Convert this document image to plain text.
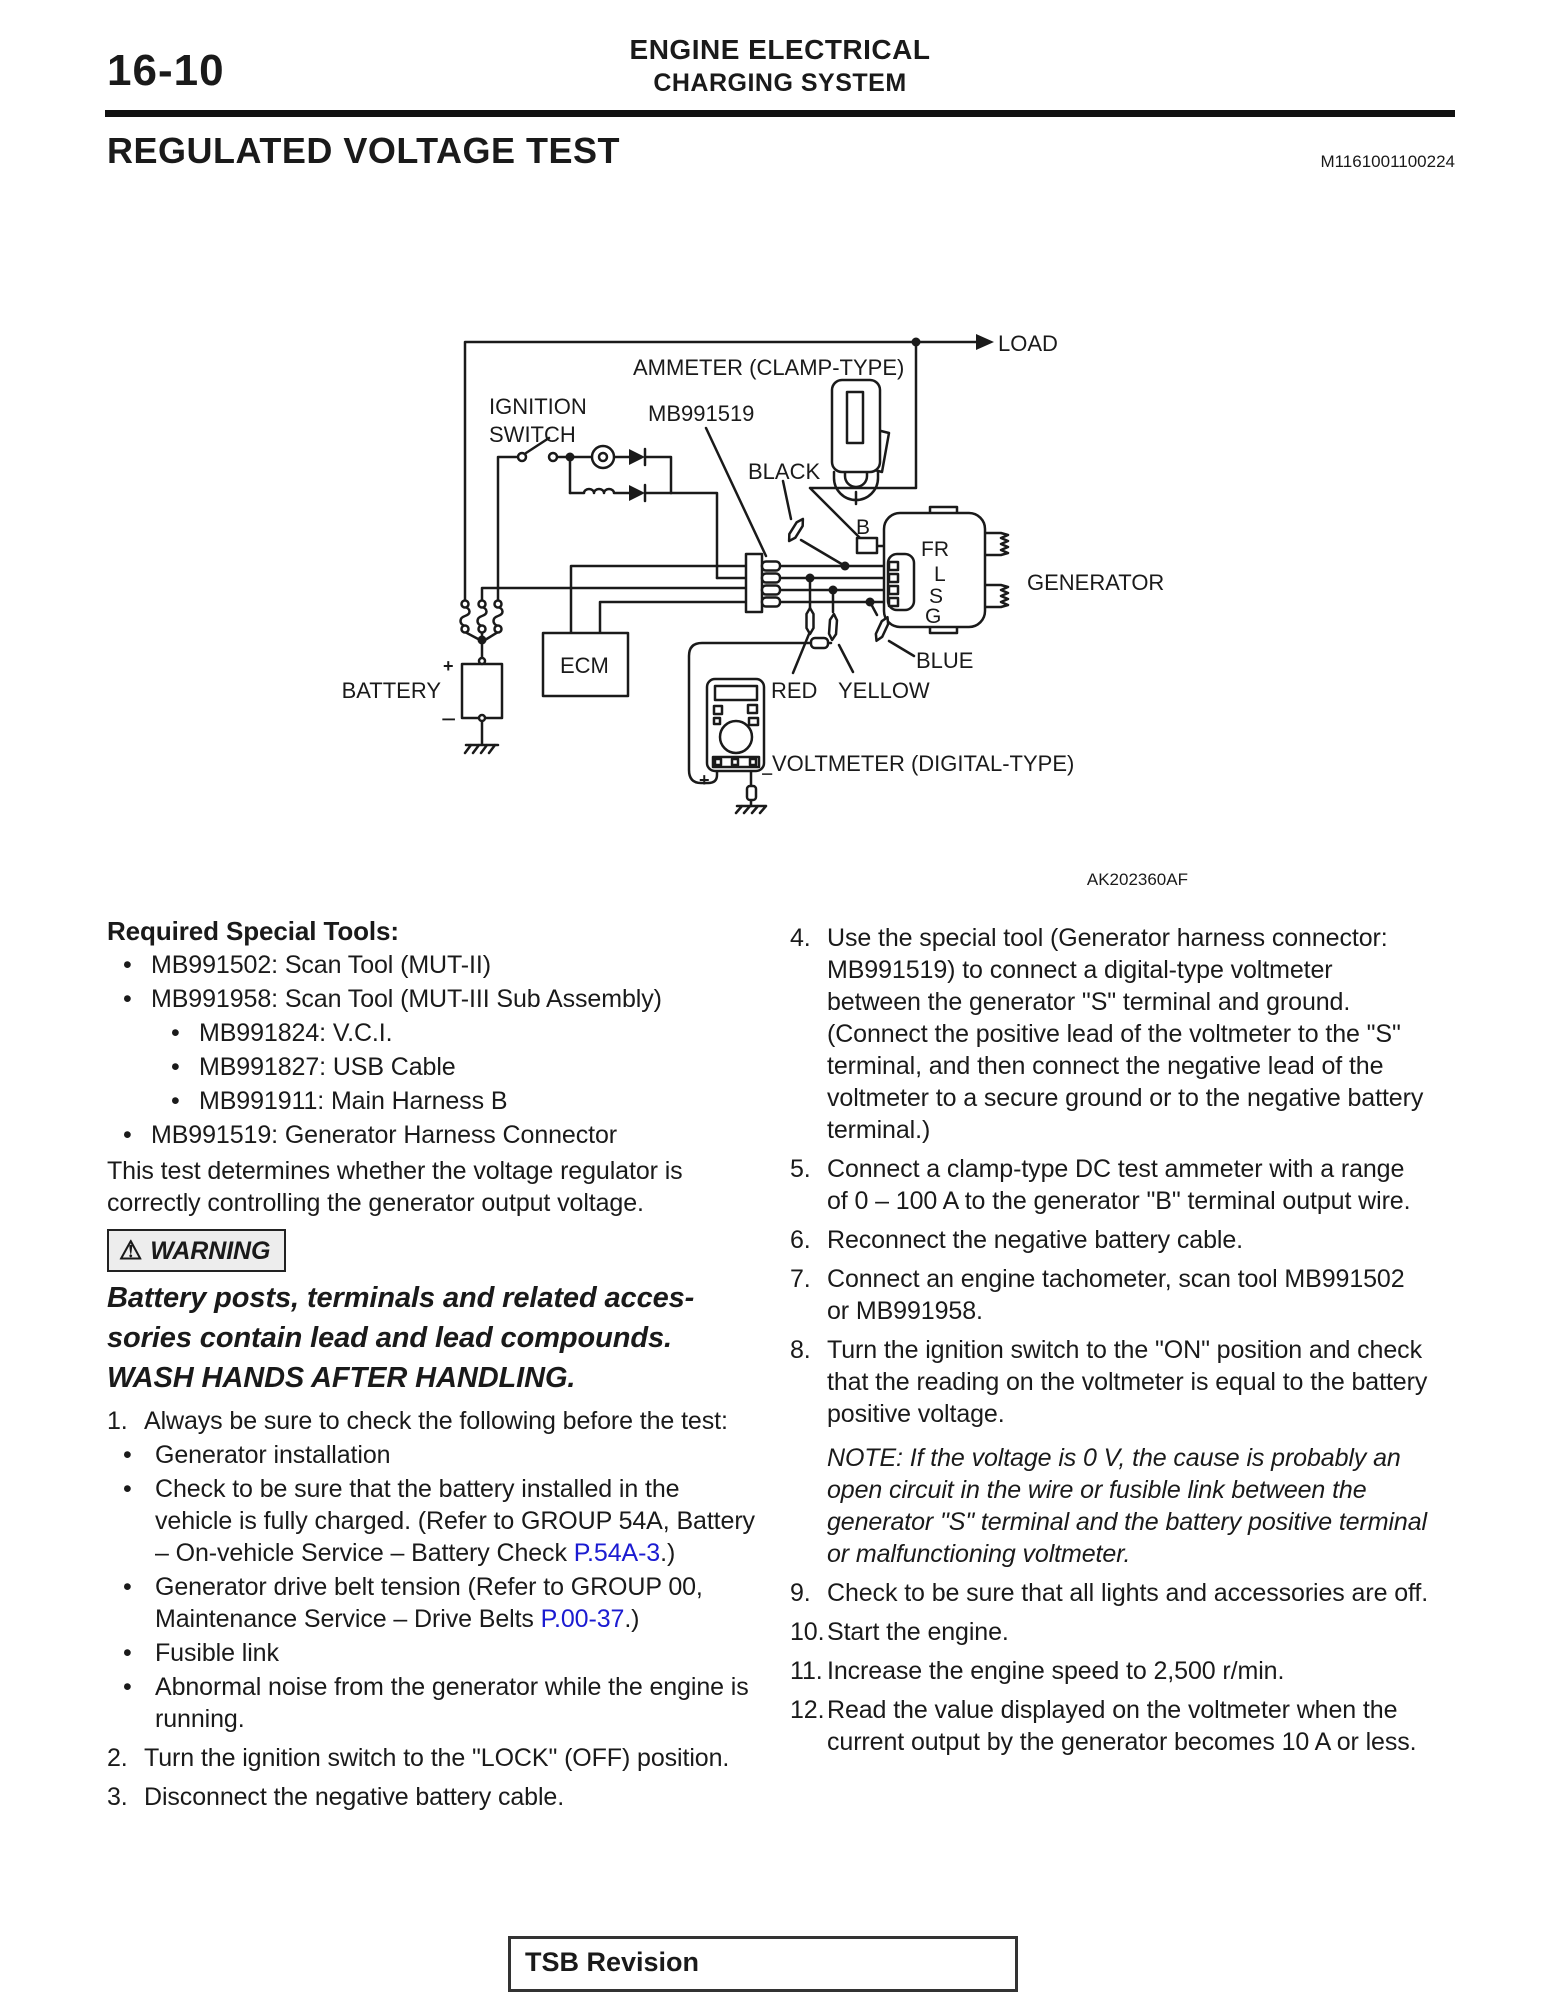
16-10	ENGINE ELECTRICAL
CHARGING SYSTEM
REGULATED VOLTAGE TEST	M1161001100224
LOAD
AMMETER (CLAMP-TYPE)
IGNITION
SWITCH
MB991519
BLACK
B
FR
L
S
G
GENERATOR
BLUE
RED YELLOW
ECM
BATTERY
VOLTMETER (DIGITAL-TYPE)
+
−
+ −
AK202360AF
Required Special Tools:
• MB991502: Scan Tool (MUT-II)
• MB991958: Scan Tool (MUT-III Sub Assembly)
• MB991824: V.C.I.
• MB991827: USB Cable
• MB991911: Main Harness B
• MB991519: Generator Harness Connector
This test determines whether the voltage regulator is correctly controlling the generator output voltage.
⚠ WARNING
Battery posts, terminals and related acces-
sories contain lead and lead compounds.
WASH HANDS AFTER HANDLING.
1. Always be sure to check the following before the test:
• Generator installation
• Check to be sure that the battery installed in the vehicle is fully charged. (Refer to GROUP 54A, Battery – On-vehicle Service – Battery Check P.54A-3.)
• Generator drive belt tension (Refer to GROUP 00, Maintenance Service – Drive Belts P.00-37.)
• Fusible link
• Abnormal noise from the generator while the engine is running.
2. Turn the ignition switch to the "LOCK" (OFF) position.
3. Disconnect the negative battery cable.
4. Use the special tool (Generator harness connector: MB991519) to connect a digital-type voltmeter between the generator "S" terminal and ground. (Connect the positive lead of the voltmeter to the "S" terminal, and then connect the negative lead of the voltmeter to a secure ground or to the negative battery terminal.)
5. Connect a clamp-type DC test ammeter with a range of 0 – 100 A to the generator "B" terminal output wire.
6. Reconnect the negative battery cable.
7. Connect an engine tachometer, scan tool MB991502 or MB991958.
8. Turn the ignition switch to the "ON" position and check that the reading on the voltmeter is equal to the battery positive voltage.
NOTE: If the voltage is 0 V, the cause is probably an open circuit in the wire or fusible link between the generator "S" terminal and the battery positive terminal or malfunctioning voltmeter.
9. Check to be sure that all lights and accessories are off.
10. Start the engine.
11. Increase the engine speed to 2,500 r/min.
12. Read the value displayed on the voltmeter when the current output by the generator becomes 10 A or less.
TSB Revision
